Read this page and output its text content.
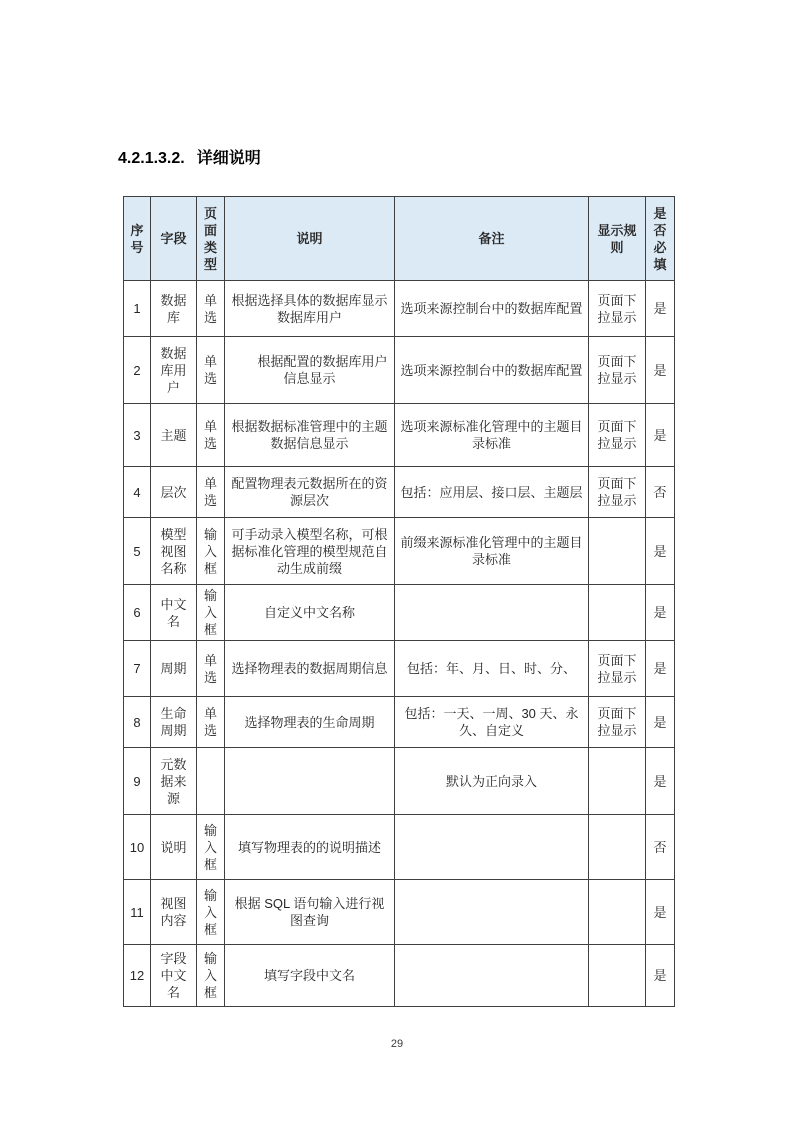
4.2.1.3.2. 详细说明
序号	字段	页面类型	说明	备注	显示规则	是否必填
1	数据库	单选	根据选择具体的数据库显示数据库用户	选项来源控制台中的数据库配置	页面下拉显示	是
2	数据库用户	单选	根据配置的数据库用户信息显示	选项来源控制台中的数据库配置	页面下拉显示	是
3	主题	单选	根据数据标准管理中的主题数据信息显示	选项来源标准化管理中的主题目录标准	页面下拉显示	是
4	层次	单选	配置物理表元数据所在的资源层次	包括：应用层、接口层、主题层	页面下拉显示	否
5	模型视图名称	输入框	可手动录入模型名称，可根据标准化管理的模型规范自动生成前缀	前缀来源标准化管理中的主题目录标准		是
6	中文名	输入框	自定义中文名称			是
7	周期	单选	选择物理表的数据周期信息	包括：年、月、日、时、分、	页面下拉显示	是
8	生命周期	单选	选择物理表的生命周期	包括：一天、一周、30 天、永久、自定义	页面下拉显示	是
9	元数据来源			默认为正向录入		是
10	说明	输入框	填写物理表的的说明描述			否
11	视图内容	输入框	根据 SQL 语句输入进行视图查询			是
12	字段中文名	输入框	填写字段中文名			是
29
